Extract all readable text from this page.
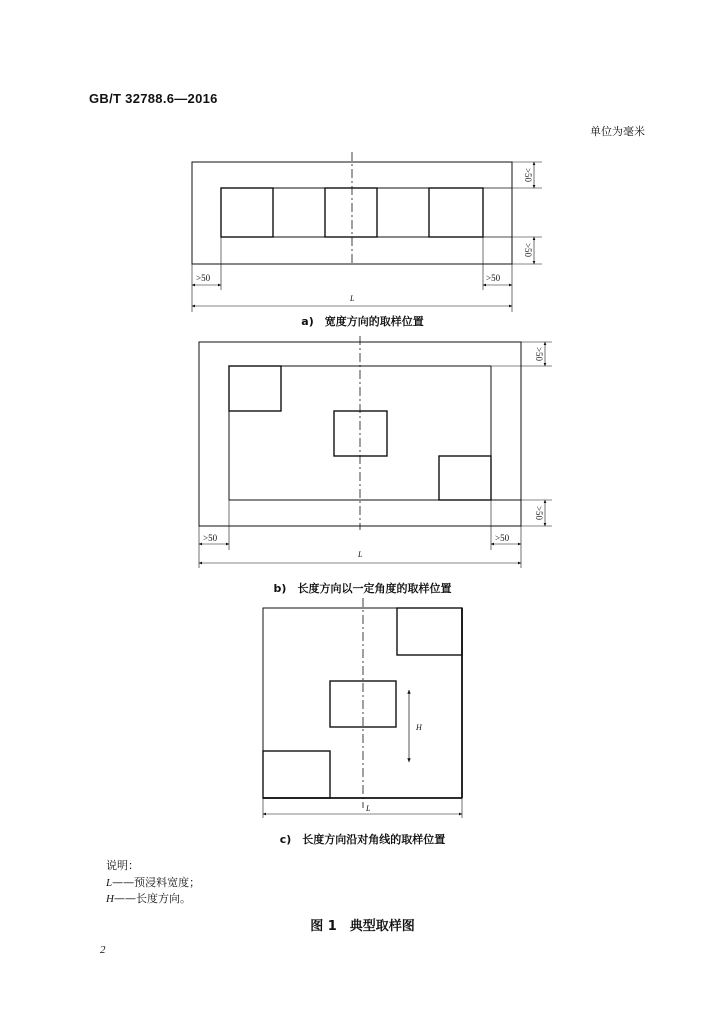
GB/T 32788.6—2016
单位为毫米
>50	>50
>50
>50
L
>50	>50
>50
>50
L
H
L
a)　宽度方向的取样位置
b)　长度方向以一定角度的取样位置
c)　长度方向沿对角线的取样位置
说明：
L——预浸料宽度；
H——长度方向。
图 1　典型取样图
2
